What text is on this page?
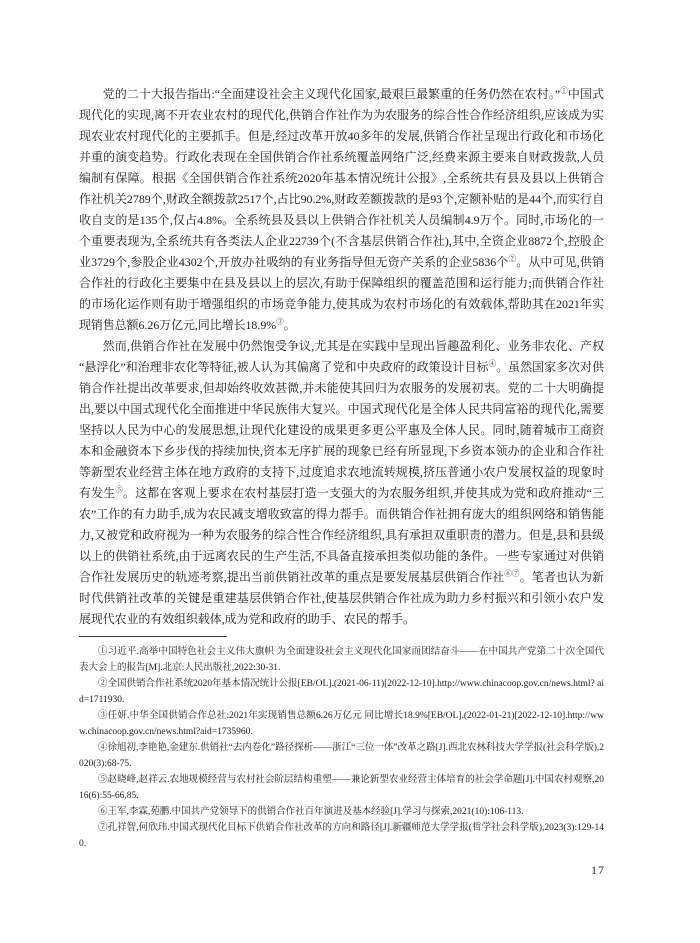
党的二十大报告指出:“全面建设社会主义现代化国家,最艰巨最繁重的任务仍然在农村。”①中国式现代化的实现,离不开农业农村的现代化,供销合作社作为为农服务的综合性合作经济组织,应该成为实现农业农村现代化的主要抓手。但是,经过改革开放40多年的发展,供销合作社呈现出行政化和市场化并重的演变趋势。行政化表现在全国供销合作社系统覆盖网络广泛,经费来源主要来自财政拨款,人员编制有保障。根据《全国供销合作社系统2020年基本情况统计公报》,全系统共有县及县以上供销合作社机关2789个,财政全额拨款2517个,占比90.2%,财政差额拨款的是93个,定额补贴的是44个,而实行自收自支的是135个,仅占4.8%。全系统县及县以上供销合作社机关人员编制4.9万个。同时,市场化的一个重要表现为,全系统共有各类法人企业22739个(不含基层供销合作社),其中,全资企业8872个,控股企业3729个,参股企业4302个,开放办社吸纳的有业务指导但无资产关系的企业5836个②。从中可见,供销合作社的行政化主要集中在县及县以上的层次,有助于保障组织的覆盖范围和运行能力;而供销合作社的市场化运作则有助于增强组织的市场竞争能力,使其成为农村市场化的有效载体,帮助其在2021年实现销售总额6.26万亿元,同比增长18.9%③。

然而,供销合作社在发展中仍然饱受争议,尤其是在实践中呈现出旨趣盈利化、业务非农化、产权“悬浮化”和治理非农化等特征,被人认为其偏离了党和中央政府的政策设计目标④。虽然国家多次对供销合作社提出改革要求,但却始终收效甚微,并未能使其回归为农服务的发展初衷。党的二十大明确提出,要以中国式现代化全面推进中华民族伟大复兴。中国式现代化是全体人民共同富裕的现代化,需要坚持以人民为中心的发展思想,让现代化建设的成果更多更公平惠及全体人民。同时,随着城市工商资本和金融资本下乡步伐的持续加快,资本无序扩展的现象已经有所显现,下乡资本领办的企业和合作社等新型农业经营主体在地方政府的支持下,过度追求农地流转规模,挤压普通小农户发展权益的现象时有发生⑤。这都在客观上要求在农村基层打造一支强大的为农服务组织,并使其成为党和政府推动“三农”工作的有力助手,成为农民减支增收致富的得力帮手。而供销合作社拥有庞大的组织网络和销售能力,又被党和政府视为一种为农服务的综合性合作经济组织,具有承担双重职责的潜力。但是,县和县级以上的供销社系统,由于远离农民的生产生活,不具备直接承担类似功能的条件。一些专家通过对供销合作社发展历史的轨迹考察,提出当前供销社改革的重点是要发展基层供销合作社⑥⑦。笔者也认为新时代供销社改革的关键是重建基层供销合作社,使基层供销合作社成为助力乡村振兴和引领小农户发展现代农业的有效组织载体,成为党和政府的助手、农民的帮手。

①习近平.高举中国特色社会主义伟大旗帜 为全面建设社会主义现代化国家而团结奋斗——在中国共产党第二十次全国代表大会上的报告[M].北京:人民出版社,2022:30-31.

②全国供销合作社系统2020年基本情况统计公报[EB/OL].(2021-06-11)[2022-12-10].http://www.chinacoop.gov.cn/news.html? aid=1711930.

③任妍.中华全国供销合作总社:2021年实现销售总额6.26万亿元 同比增长18.9%[EB/OL].(2022-01-21)[2022-12-10].http://www.chinacoop.gov.cn/news.html?aid=1735960.

④徐旭初,李艳艳,金建东.供销社“去内卷化”路径探析——浙江“三位一体”改革之路[J].西北农林科技大学学报(社会科学版),2020(3):68-75.

⑤赵晓峰,赵祥云.农地规模经营与农村社会阶层结构重塑——兼论新型农业经营主体培育的社会学命题[J].中国农村观察,2016(6):55-66,85.

⑥王军,李霖,苑鹏.中国共产党领导下的供销合作社百年演进及基本经验[J].学习与探索,2021(10):106-113.

⑦孔祥智,何欣玮.中国式现代化目标下供销合作社改革的方向和路径[J].新疆师范大学学报(哲学社会科学版),2023(3):129-140.

17
